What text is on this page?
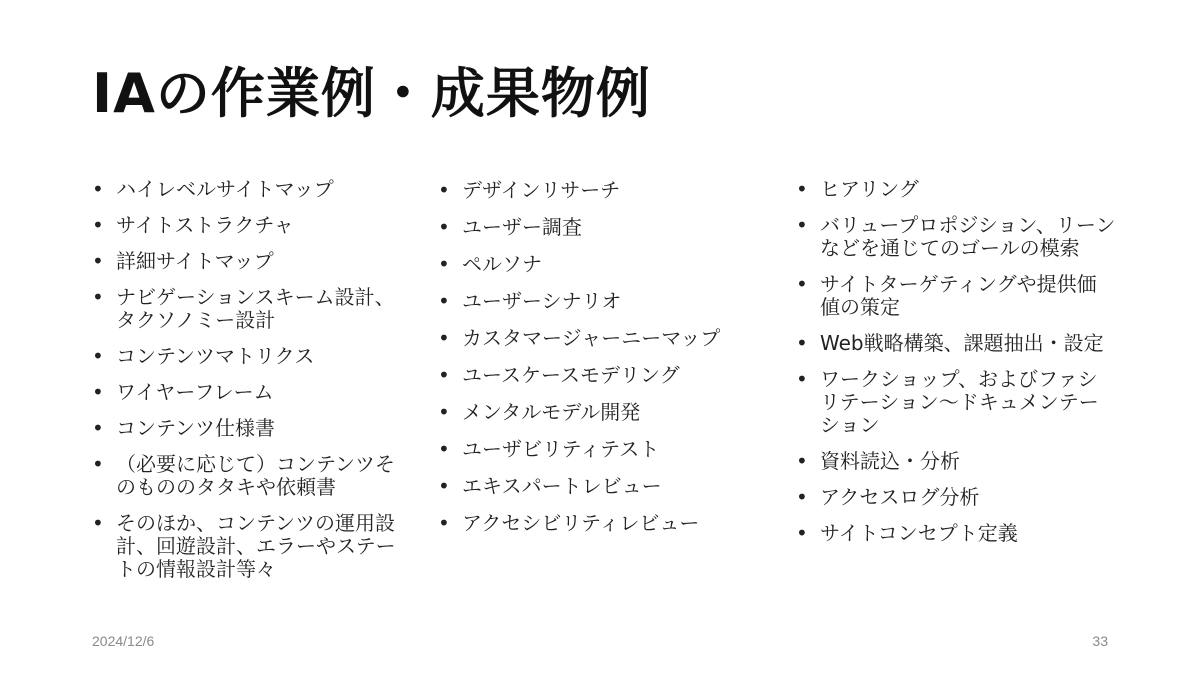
IAの作業例・成果物例
• ハイレベルサイトマップ
• サイトストラクチャ
• 詳細サイトマップ
• ナビゲーションスキーム設計、タクソノミー設計
• コンテンツマトリクス
• ワイヤーフレーム
• コンテンツ仕様書
• （必要に応じて）コンテンツそのもののタタキや依頼書
• そのほか、コンテンツの運用設計、回遊設計、エラーやステートの情報設計等々
• デザインリサーチ
• ユーザー調査
• ペルソナ
• ユーザーシナリオ
• カスタマージャーニーマップ
• ユースケースモデリング
• メンタルモデル開発
• ユーザビリティテスト
• エキスパートレビュー
• アクセシビリティレビュー
• ヒアリング
• バリュープロポジション、リーンなどを通じてのゴールの模索
• サイトターゲティングや提供価値の策定
• Web戦略構築、課題抽出・設定
• ワークショップ、およびファシリテーション〜ドキュメンテーション
• 資料読込・分析
• アクセスログ分析
• サイトコンセプト定義
2024/12/6	33
